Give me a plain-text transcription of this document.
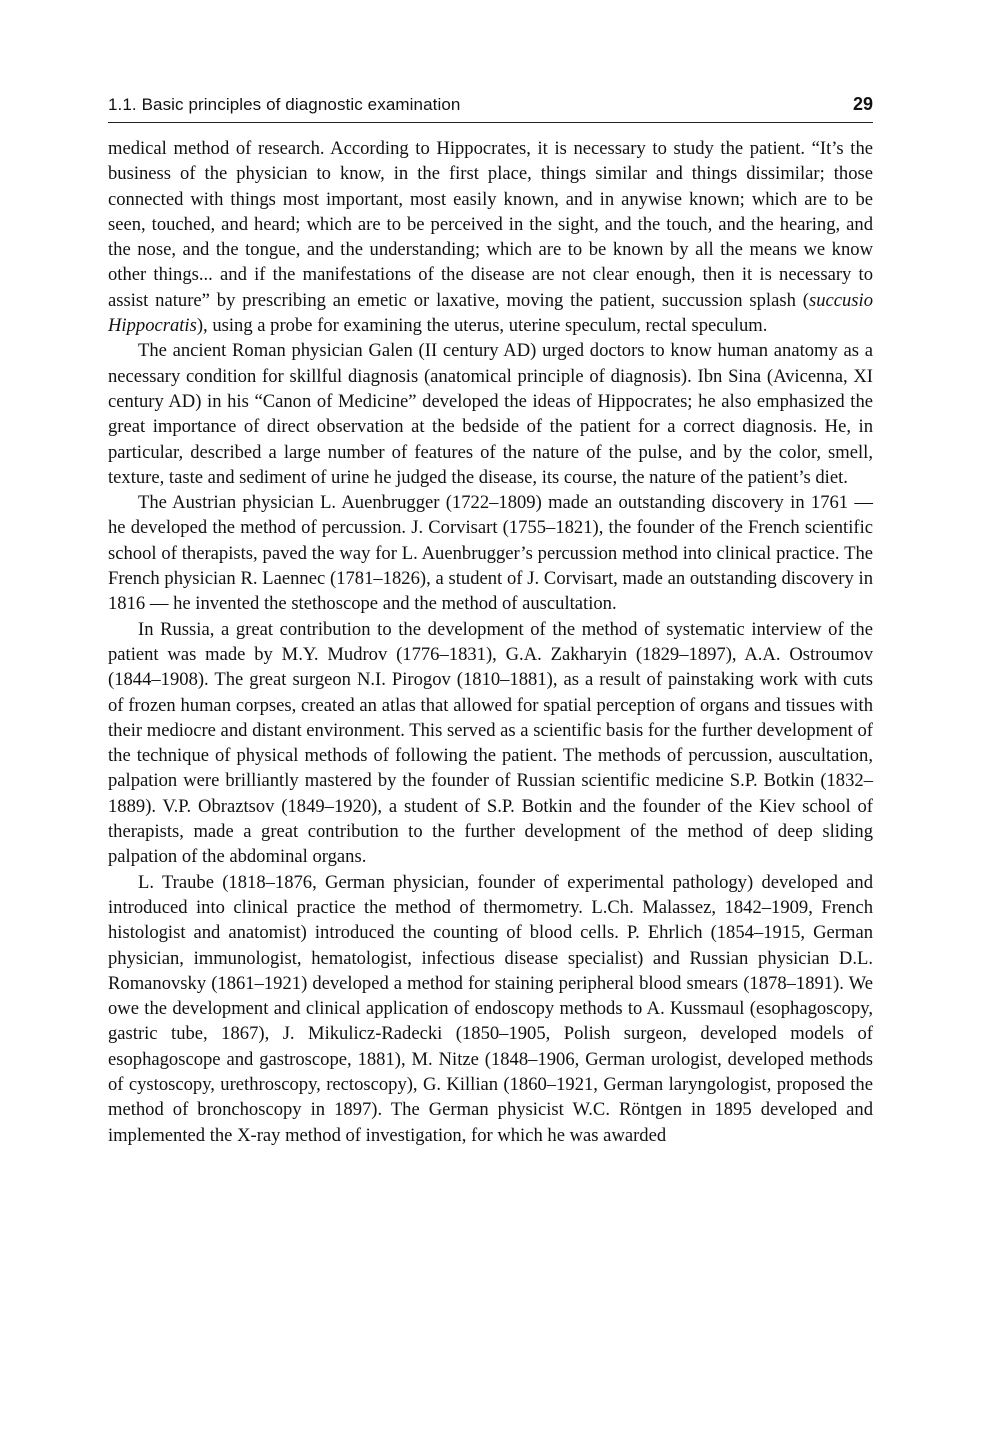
1.1. Basic principles of diagnostic examination	29

medical method of research. According to Hippocrates, it is necessary to study the patient. “It’s the business of the physician to know, in the first place, things similar and things dissimilar; those connected with things most important, most easily known, and in anywise known; which are to be seen, touched, and heard; which are to be perceived in the sight, and the touch, and the hearing, and the nose, and the tongue, and the understanding; which are to be known by all the means we know other things... and if the manifestations of the disease are not clear enough, then it is necessary to assist nature” by prescribing an emetic or laxative, moving the patient, succussion splash (succusio Hippocratis), using a probe for examining the uterus, uterine speculum, rectal speculum.

The ancient Roman physician Galen (II century AD) urged doctors to know human anatomy as a necessary condition for skillful diagnosis (anatomical principle of diagnosis). Ibn Sina (Avicenna, XI century AD) in his “Canon of Medicine” developed the ideas of Hippocrates; he also emphasized the great importance of direct observation at the bedside of the patient for a correct diagnosis. He, in particular, described a large number of features of the nature of the pulse, and by the color, smell, texture, taste and sediment of urine he judged the disease, its course, the nature of the patient’s diet.

The Austrian physician L. Auenbrugger (1722–1809) made an outstanding discovery in 1761 — he developed the method of percussion. J. Corvisart (1755–1821), the founder of the French scientific school of therapists, paved the way for L. Auenbrugger’s percussion method into clinical practice. The French physician R. Laennec (1781–1826), a student of J. Corvisart, made an outstanding discovery in 1816 — he invented the stethoscope and the method of auscultation.

In Russia, a great contribution to the development of the method of systematic interview of the patient was made by M.Y. Mudrov (1776–1831), G.A. Zakharyin (1829–1897), A.A. Ostroumov (1844–1908). The great surgeon N.I. Pirogov (1810–1881), as a result of painstaking work with cuts of frozen human corpses, created an atlas that allowed for spatial perception of organs and tissues with their mediocre and distant environment. This served as a scientific basis for the further development of the technique of physical methods of following the patient. The methods of percussion, auscultation, palpation were brilliantly mastered by the founder of Russian scientific medicine S.P. Botkin (1832–1889). V.P. Obraztsov (1849–1920), a student of S.P. Botkin and the founder of the Kiev school of therapists, made a great contribution to the further development of the method of deep sliding palpation of the abdominal organs.

L. Traube (1818–1876, German physician, founder of experimental pathology) developed and introduced into clinical practice the method of thermometry. L.Ch. Malassez, 1842–1909, French histologist and anatomist) introduced the counting of blood cells. P. Ehrlich (1854–1915, German physician, immunologist, hematologist, infectious disease specialist) and Russian physician D.L. Romanovsky (1861–1921) developed a method for staining peripheral blood smears (1878–1891). We owe the development and clinical application of endoscopy methods to A. Kussmaul (esophagoscopy, gastric tube, 1867), J. Mikulicz-Radecki (1850–1905, Polish surgeon, developed models of esophagoscope and gastroscope, 1881), M. Nitze (1848–1906, German urologist, developed methods of cystoscopy, urethroscopy, rectoscopy), G. Killian (1860–1921, German laryngologist, proposed the method of bronchoscopy in 1897). The German physicist W.C. Röntgen in 1895 developed and implemented the X-ray method of investigation, for which he was awarded
